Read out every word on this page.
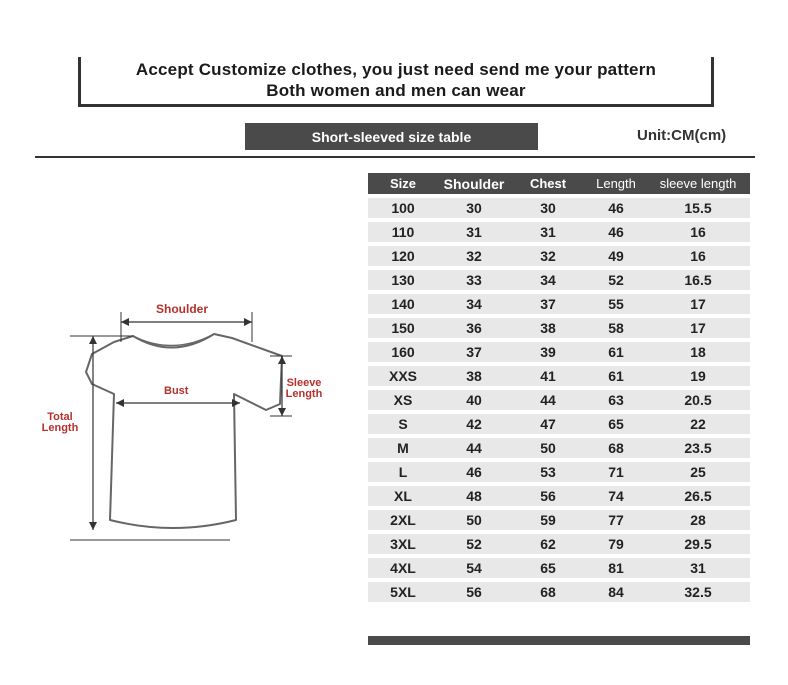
Accept Customize clothes, you just need send me your pattern
Both women and men can wear
Short-sleeved size table	Unit:CM(cm)
Shoulder
Bust
Sleeve
Length
Total
Length
Size	Shoulder	Chest	Length	sleeve length
100	30	30	46	15.5
110	31	31	46	16
120	32	32	49	16
130	33	34	52	16.5
140	34	37	55	17
150	36	38	58	17
160	37	39	61	18
XXS	38	41	61	19
XS	40	44	63	20.5
S	42	47	65	22
M	44	50	68	23.5
L	46	53	71	25
XL	48	56	74	26.5
2XL	50	59	77	28
3XL	52	62	79	29.5
4XL	54	65	81	31
5XL	56	68	84	32.5
